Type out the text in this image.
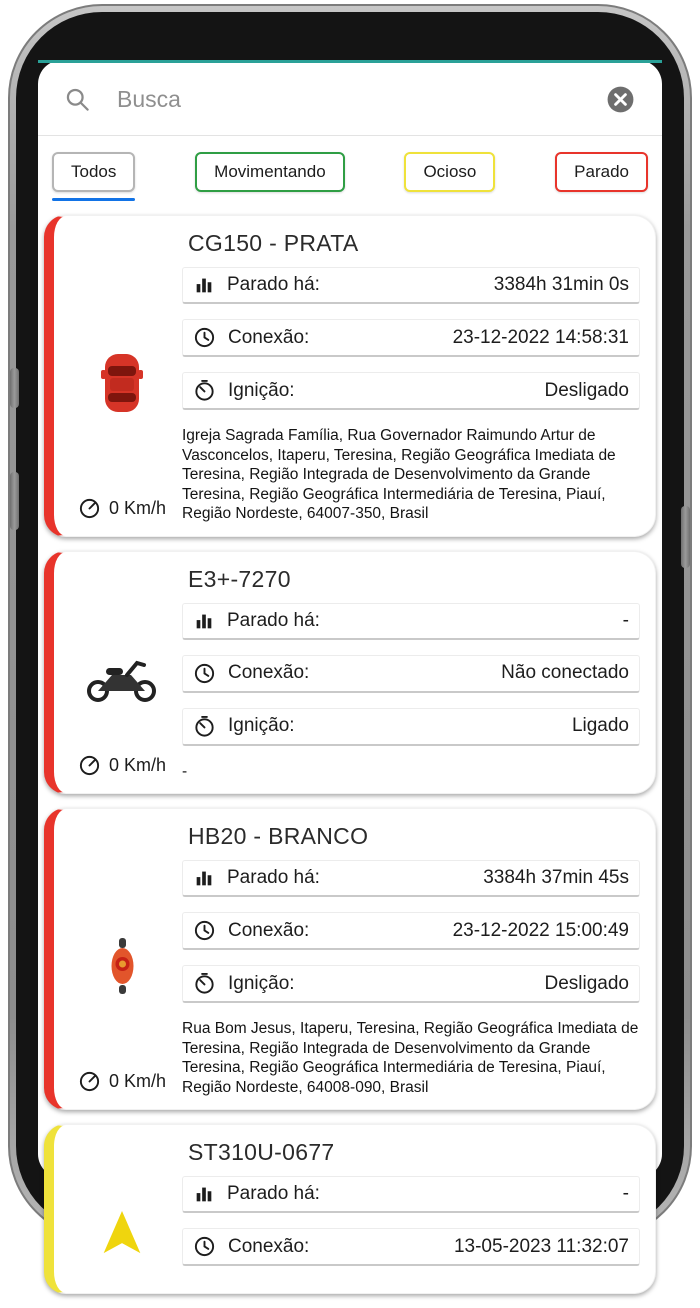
Busca
Todos	Movimentando	Ocioso	Parado
CG150 - PRATA
0 Km/h
Parado há:	3384h 31min 0s
Conexão:	23-12-2022 14:58:31
Ignição:	Desligado
Igreja Sagrada Família, Rua Governador Raimundo Artur de Vasconcelos, Itaperu, Teresina, Região Geográfica Imediata de Teresina, Região Integrada de Desenvolvimento da Grande Teresina, Região Geográfica Intermediária de Teresina, Piauí, Região Nordeste, 64007-350, Brasil
E3+-7270
0 Km/h
Parado há:	-
Conexão:	Não conectado
Ignição:	Ligado
-
HB20 - BRANCO
0 Km/h
Parado há:	3384h 37min 45s
Conexão:	23-12-2022 15:00:49
Ignição:	Desligado
Rua Bom Jesus, Itaperu, Teresina, Região Geográfica Imediata de Teresina, Região Integrada de Desenvolvimento da Grande Teresina, Região Geográfica Intermediária de Teresina, Piauí, Região Nordeste, 64008-090, Brasil
ST310U-0677
Parado há:	-
Conexão:	13-05-2023 11:32:07
